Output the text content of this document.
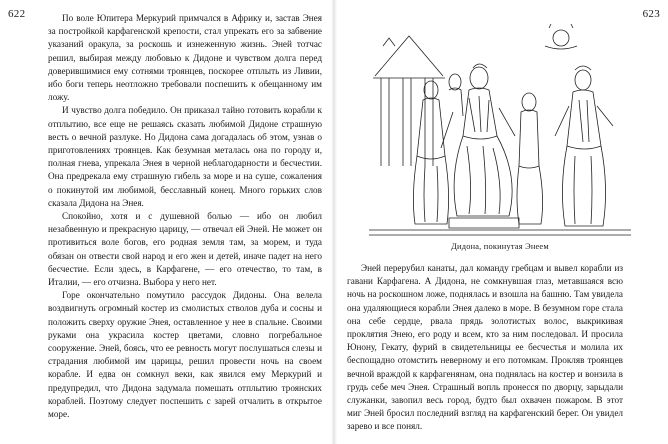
622	По воле Юпитера Меркурий примчался в Африку и, застав Энея за постройкой карфагенской крепости, стал упрекать его за забвение указаний оракула, за роскошь и изнеженную жизнь. Эней тотчас решил, выбирая между любовью к Дидоне и чувством долга перед доверившимися ему сотнями троянцев, поскорее отплыть из Ливии, ибо боги теперь неотложно требовали поспешить к обещанному им ложу.

И чувство долга победило. Он приказал тайно готовить корабли к отплытию, все еще не решаясь сказать любимой Дидоне страшную весть о вечной разлуке. Но Дидона сама догадалась об этом, узнав о приготовлениях троянцев. Как безумная металась она по городу и, полная гнева, упрекала Энея в черной неблагодарности и бесчестии. Она предрекала ему страшную гибель за море и на суше, сожаления о покинутой им любимой, бесславный конец. Много горьких слов сказала Дидона на Энея.

Спокойно, хотя и с душевной болью — ибо он любил незабвенную и прекрасную царицу, — отвечал ей Эней. Не может он противиться воле богов, его родная земля там, за морем, и туда обязан он отвести свой народ и его жен и детей, иначе падет на него бесчестие. Если здесь, в Карфагене, — его отечество, то там, в Италии, — его отчизна. Выбора у него нет.

Горе окончательно помутило рассудок Дидоны. Она велела воздвигнуть огромный костер из смолистых стволов дуба и сосны и положить сверху оружие Энея, оставленное у нее в спальне. Своими руками она украсила костер цветами, словно погребальное сооружение. Эней, боясь, что ее ревность могут послушаться слезы и страдания любимой им царицы, решил провести ночь на своем корабле. И едва он сомкнул веки, как явился ему Меркурий и предупредил, что Дидона задумала помешать отплытию троянских кораблей. Поэтому следует поспешить с зарей отчалить в открытое море.

623
Дидона, покинутая Энеем

Эней перерубил канаты, дал команду гребцам и вывел корабли из гавани Карфагена. А Дидона, не сомкнувшая глаз, метавшаяся всю ночь на роскошном ложе, поднялась и взошла на башню. Там увидела она удаляющиеся корабли Энея далеко в море. В безумном горе стала она себе сердце, рвала прядь золотистых волос, выкрикивая проклятия Энею, его роду и всем, кто за ним последовал. И просила Юнону, Гекату, фурий в свидетельницы ее бесчестья и молила их беспощадно отомстить неверному и его потомкам. Прокляв троянцев вечной враждой к карфагенянам, она поднялась на костер и вонзила в грудь себе меч Энея. Страшный вопль пронесся по дворцу, зарыдали служанки, завопил весь город, будто был охвачен пожаром. В этот миг Эней бросил последний взгляд на карфагенский берег. Он увидел зарево и все понял.
